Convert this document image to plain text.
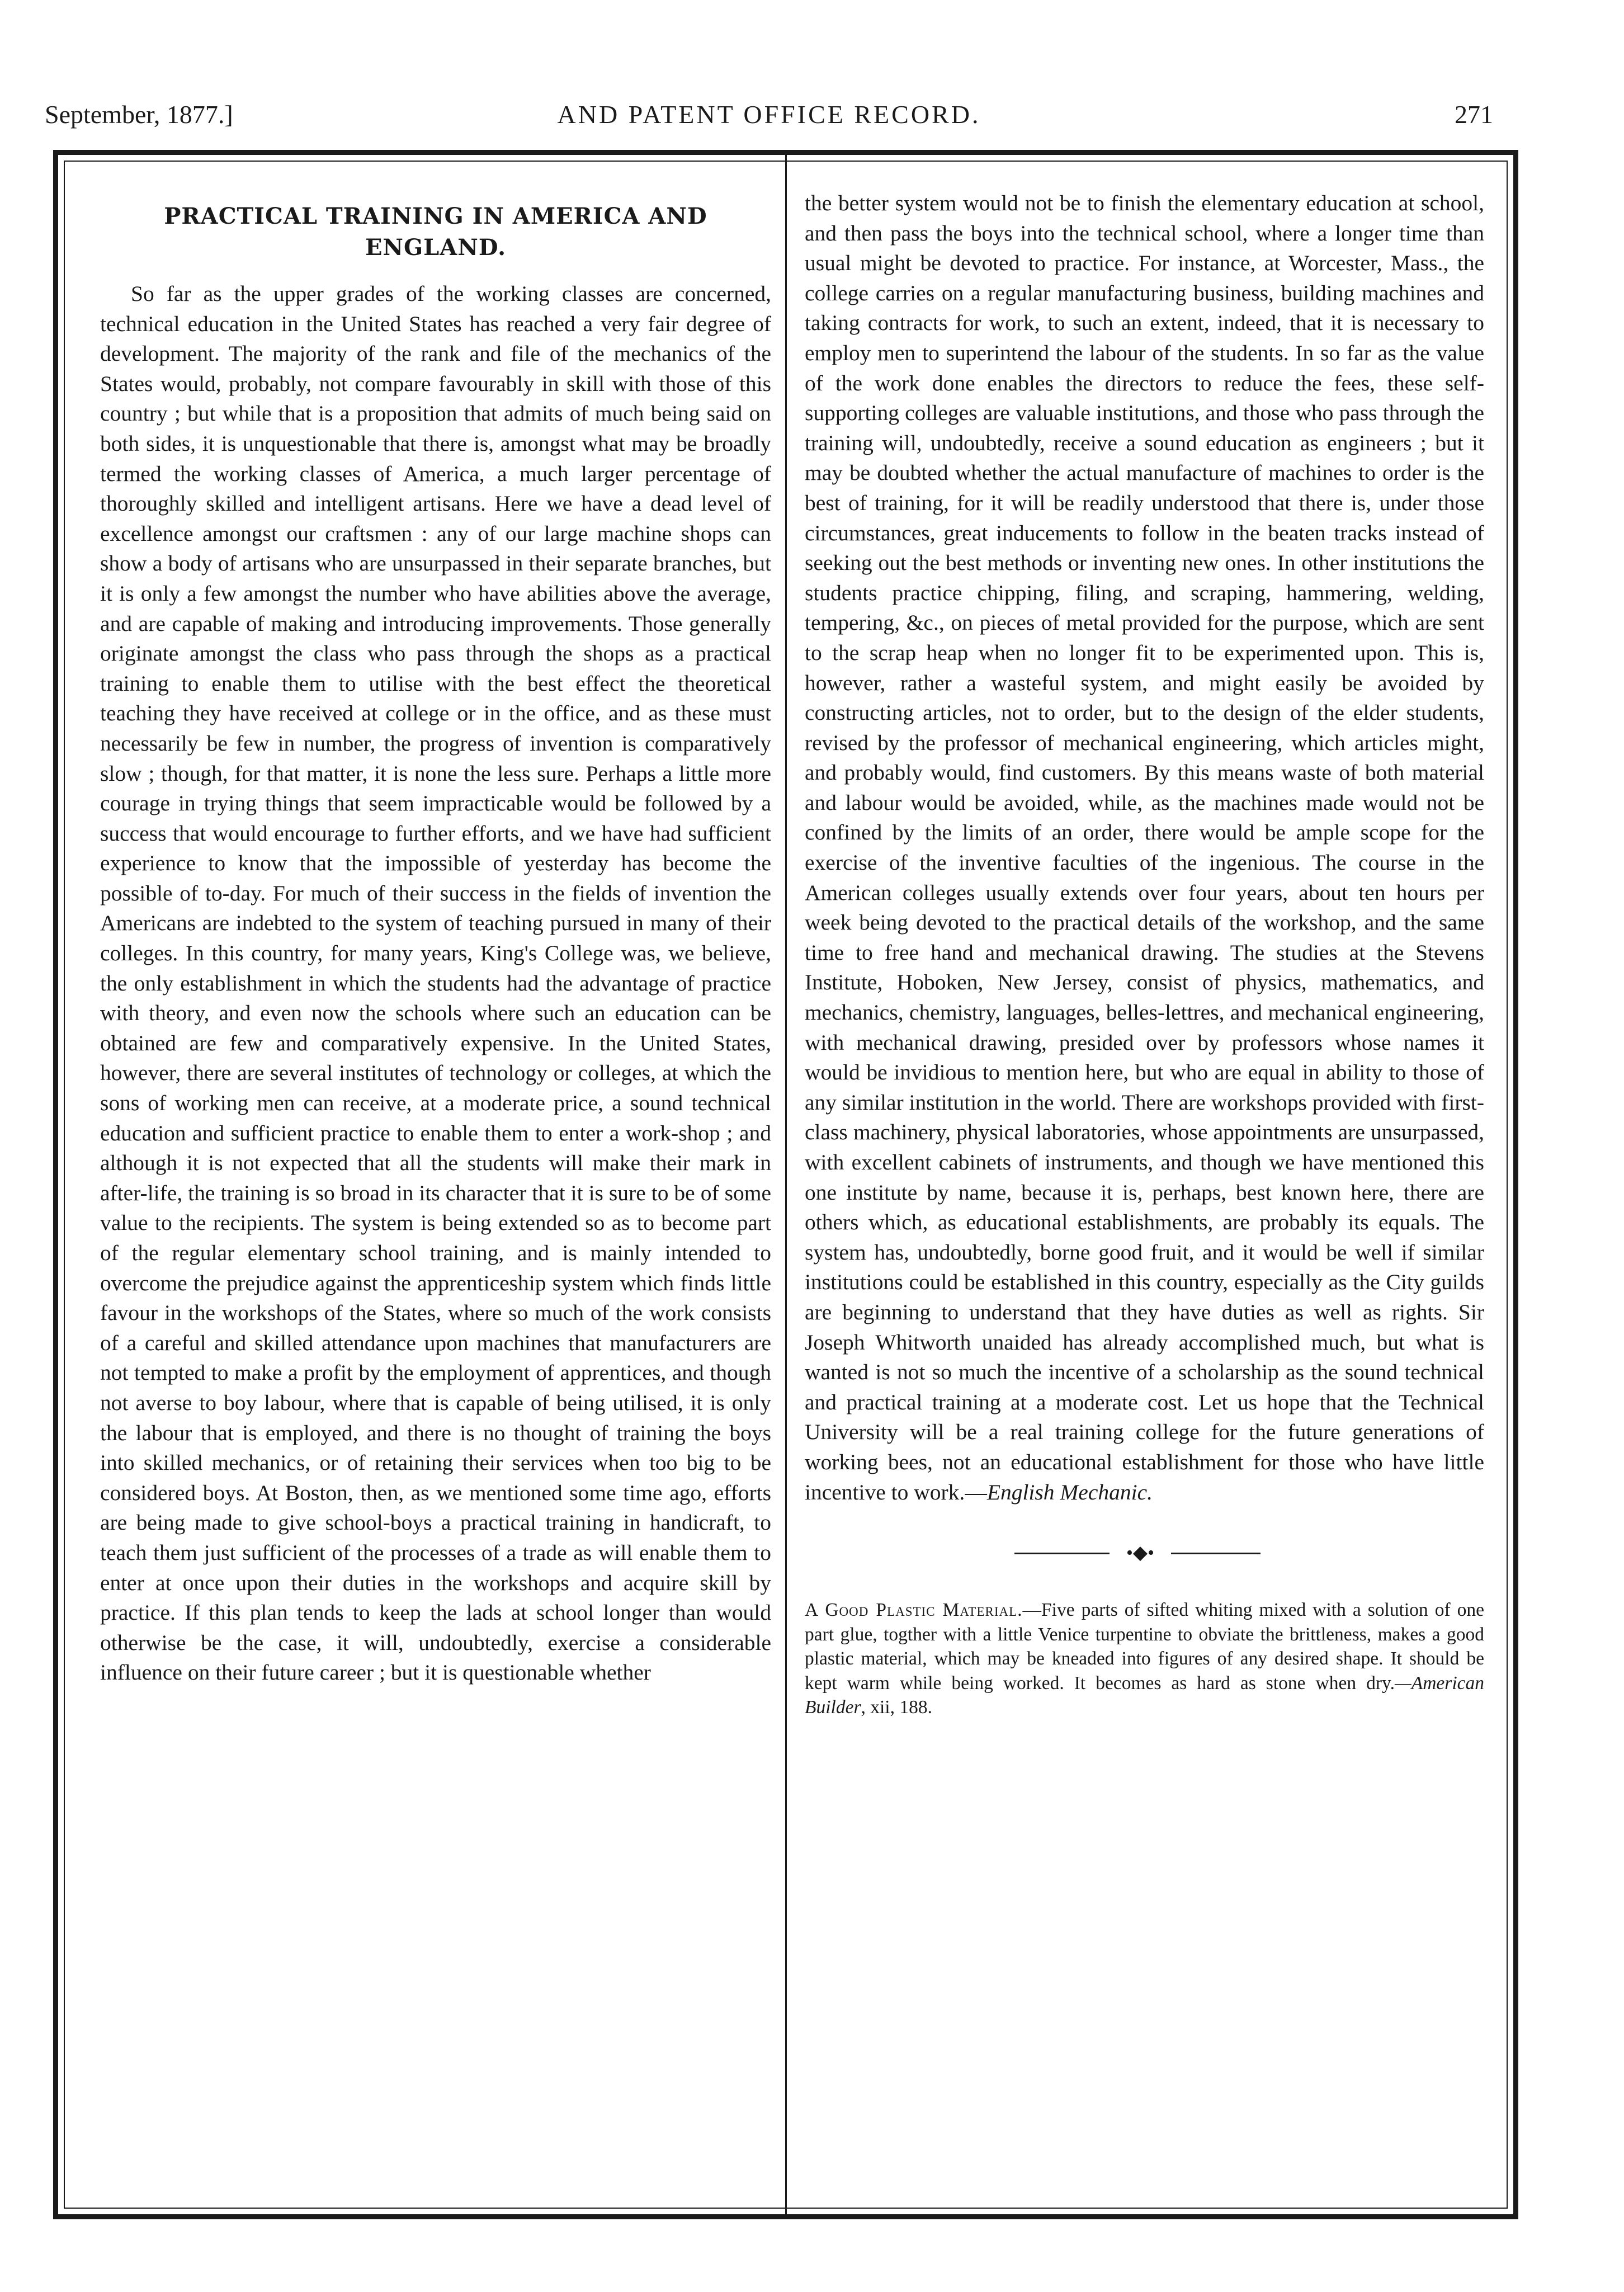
September, 1877.]	AND PATENT OFFICE RECORD.	271
PRACTICAL TRAINING IN AMERICA AND ENGLAND.

So far as the upper grades of the working classes are concerned, technical education in the United States has reached a very fair degree of development. The majority of the rank and file of the mechanics of the States would, probably, not compare favourably in skill with those of this country ; but while that is a proposition that admits of much being said on both sides, it is unquestionable that there is, amongst what may be broadly termed the working classes of America, a much larger percentage of thoroughly skilled and intelligent artisans. Here we have a dead level of excellence amongst our craftsmen : any of our large machine shops can show a body of artisans who are unsurpassed in their separate branches, but it is only a few amongst the number who have abilities above the average, and are capable of making and introducing improvements. Those generally originate amongst the class who pass through the shops as a practical training to enable them to utilise with the best effect the theoretical teaching they have received at college or in the office, and as these must necessarily be few in number, the progress of invention is comparatively slow ; though, for that matter, it is none the less sure. Perhaps a little more courage in trying things that seem impracticable would be followed by a success that would encourage to further efforts, and we have had sufficient experience to know that the impossible of yesterday has become the possible of to-day. For much of their success in the fields of invention the Americans are indebted to the system of teaching pursued in many of their colleges. In this country, for many years, King's College was, we believe, the only establishment in which the students had the advantage of practice with theory, and even now the schools where such an education can be obtained are few and comparatively expensive. In the United States, however, there are several institutes of technology or colleges, at which the sons of working men can receive, at a moderate price, a sound technical education and sufficient practice to enable them to enter a work-shop ; and although it is not expected that all the students will make their mark in after-life, the training is so broad in its character that it is sure to be of some value to the recipients. The system is being extended so as to become part of the regular elementary school training, and is mainly intended to overcome the prejudice against the apprenticeship system which finds little favour in the workshops of the States, where so much of the work consists of a careful and skilled attendance upon machines that manufacturers are not tempted to make a profit by the employment of apprentices, and though not averse to boy labour, where that is capable of being utilised, it is only the labour that is employed, and there is no thought of training the boys into skilled mechanics, or of retaining their services when too big to be considered boys. At Boston, then, as we mentioned some time ago, efforts are being made to give school-boys a practical training in handicraft, to teach them just sufficient of the processes of a trade as will enable them to enter at once upon their duties in the workshops and acquire skill by practice. If this plan tends to keep the lads at school longer than would otherwise be the case, it will, undoubtedly, exercise a considerable influence on their future career ; but it is questionable whether

the better system would not be to finish the elementary education at school, and then pass the boys into the technical school, where a longer time than usual might be devoted to practice. For instance, at Worcester, Mass., the college carries on a regular manufacturing business, building machines and taking contracts for work, to such an extent, indeed, that it is necessary to employ men to superintend the labour of the students. In so far as the value of the work done enables the directors to reduce the fees, these self-supporting colleges are valuable institutions, and those who pass through the training will, undoubtedly, receive a sound education as engineers ; but it may be doubted whether the actual manufacture of machines to order is the best of training, for it will be readily understood that there is, under those circumstances, great inducements to follow in the beaten tracks instead of seeking out the best methods or inventing new ones. In other institutions the students practice chipping, filing, and scraping, hammering, welding, tempering, &c., on pieces of metal provided for the purpose, which are sent to the scrap heap when no longer fit to be experimented upon. This is, however, rather a wasteful system, and might easily be avoided by constructing articles, not to order, but to the design of the elder students, revised by the professor of mechanical engineering, which articles might, and probably would, find customers. By this means waste of both material and labour would be avoided, while, as the machines made would not be confined by the limits of an order, there would be ample scope for the exercise of the inventive faculties of the ingenious. The course in the American colleges usually extends over four years, about ten hours per week being devoted to the practical details of the workshop, and the same time to free hand and mechanical drawing. The studies at the Stevens Institute, Hoboken, New Jersey, consist of physics, mathematics, and mechanics, chemistry, languages, belles-lettres, and mechanical engineering, with mechanical drawing, presided over by professors whose names it would be invidious to mention here, but who are equal in ability to those of any similar institution in the world. There are workshops provided with first-class machinery, physical laboratories, whose appointments are unsurpassed, with excellent cabinets of instruments, and though we have mentioned this one institute by name, because it is, perhaps, best known here, there are others which, as educational establishments, are probably its equals. The system has, undoubtedly, borne good fruit, and it would be well if similar institutions could be established in this country, especially as the City guilds are beginning to understand that they have duties as well as rights. Sir Joseph Whitworth unaided has already accomplished much, but what is wanted is not so much the incentive of a scholarship as the sound technical and practical training at a moderate cost. Let us hope that the Technical University will be a real training college for the future generations of working bees, not an educational establishment for those who have little incentive to work.—English Mechanic.

•◆•
A Good Plastic Material.—Five parts of sifted whiting mixed with a solution of one part glue, togther with a little Venice turpentine to obviate the brittleness, makes a good plastic material, which may be kneaded into figures of any desired shape. It should be kept warm while being worked. It becomes as hard as stone when dry.—American Builder, xii, 188.
